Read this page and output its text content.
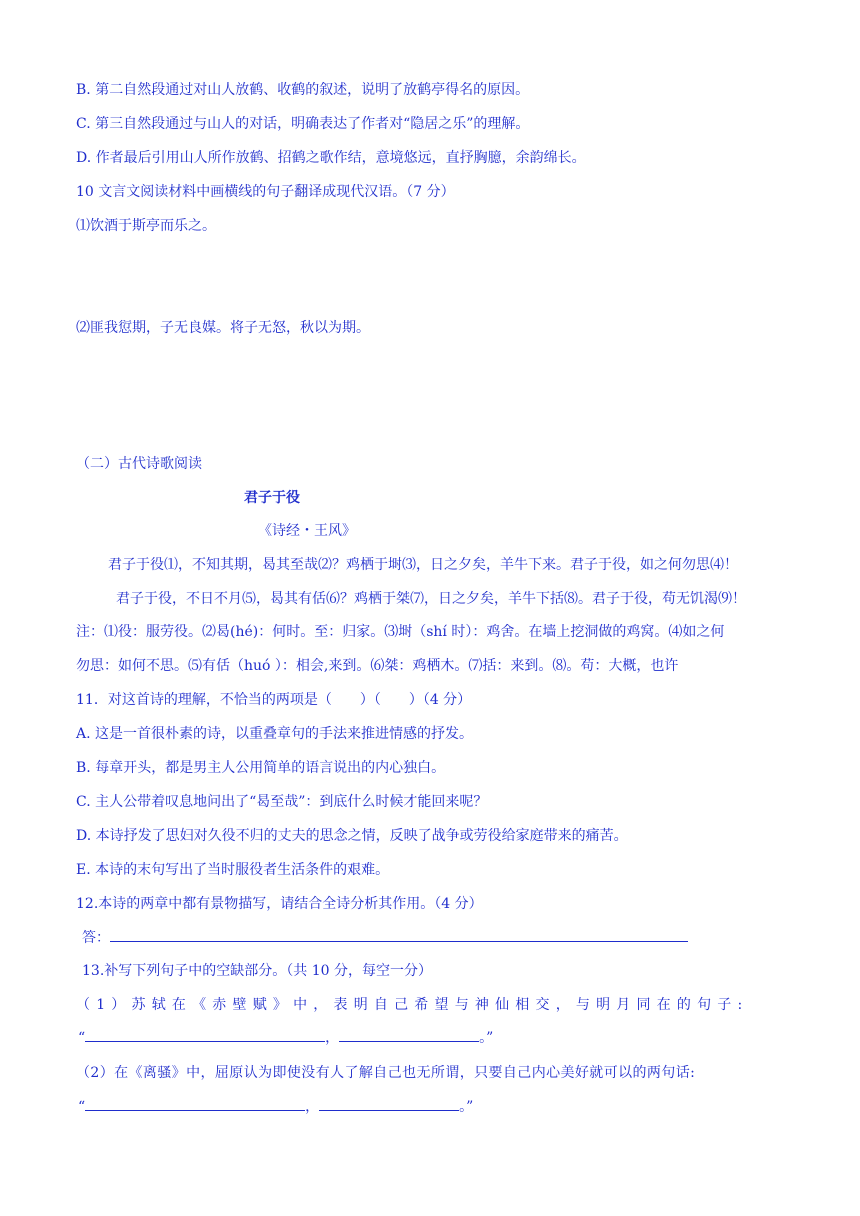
B. 第二自然段通过对山人放鹤、收鹤的叙述，说明了放鹤亭得名的原因。
C. 第三自然段通过与山人的对话，明确表达了作者对“隐居之乐”的理解。
D. 作者最后引用山人所作放鹤、招鹤之歌作结，意境悠远，直抒胸臆，余韵绵长。
10 文言文阅读材料中画横线的句子翻译成现代汉语。（7 分）
⑴饮酒于斯亭而乐之。
⑵匪我愆期，子无良媒。将子无怒，秋以为期。
（二）古代诗歌阅读
君子于役
《诗经・王风》
君子于役⑴，不知其期，曷其至哉⑵？鸡栖于埘⑶，日之夕矣，羊牛下来。君子于役，如之何勿思⑷！
君子于役，不日不月⑸，曷其有佸⑹？鸡栖于桀⑺，日之夕矣，羊牛下括⑻。君子于役，苟无饥渴⑼！
注：⑴役：服劳役。⑵曷(hé)：何时。至：归家。⑶埘（shí 时）：鸡舍。在墙上挖洞做的鸡窝。⑷如之何
勿思：如何不思。⑸有佸（huó ）：相会,来到。⑹桀：鸡栖木。⑺括：来到。⑻。苟：大概，也许
11．对这首诗的理解，不恰当的两项是（　　）（　　）（4 分）
A. 这是一首很朴素的诗，以重叠章句的手法来推进情感的抒发。
B. 每章开头，都是男主人公用简单的语言说出的内心独白。
C. 主人公带着叹息地问出了“曷至哉”：到底什么时候才能回来呢？
D. 本诗抒发了思妇对久役不归的丈夫的思念之情，反映了战争或劳役给家庭带来的痛苦。
E. 本诗的末句写出了当时服役者生活条件的艰难。
12.本诗的两章中都有景物描写，请结合全诗分析其作用。（4 分）
答：
13.补写下列句子中的空缺部分。（共 10 分，每空一分）
（1）苏轼在《赤壁赋》中，表明自己希望与神仙相交，与明月同在的句子:
“	，	。”
（2）在《离骚》中，屈原认为即使没有人了解自己也无所谓，只要自己内心美好就可以的两句话:
“	，	。”
